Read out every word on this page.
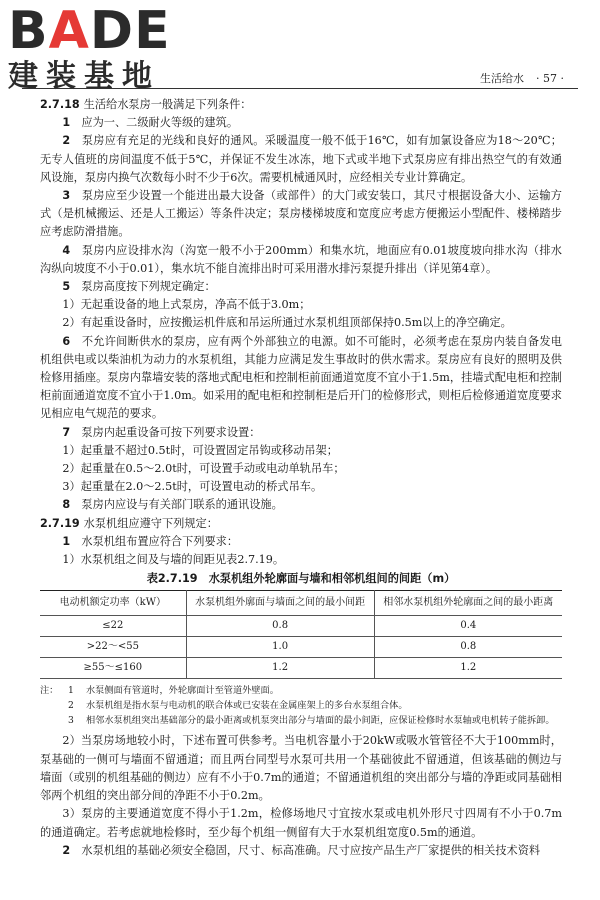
BADE
建装基地	生活给水 · 57 ·

2.7.18 生活给水泵房一般满足下列条件：

1　 应为一、二级耐火等级的建筑。

2　 泵房应有充足的光线和良好的通风。采暖温度一般不低于16℃，如有加氯设备应为18～20℃；无专人值班的房间温度不低于5℃，并保证不发生冰冻，地下式或半地下式泵房应有排出热空气的有效通风设施，泵房内换气次数每小时不少于6次。需要机械通风时，应经相关专业计算确定。

3　 泵房应至少设置一个能进出最大设备（或部件）的大门或安装口，其尺寸根据设备大小、运输方式（是机械搬运、还是人工搬运）等条件决定；泵房楼梯坡度和宽度应考虑方便搬运小型配件、楼梯踏步应考虑防滑措施。

4　 泵房内应设排水沟（沟宽一般不小于200mm）和集水坑，地面应有0.01坡度坡向排水沟（排水沟纵向坡度不小于0.01），集水坑不能自流排出时可采用潜水排污泵提升排出（详见第4章）。

5　 泵房高度按下列规定确定：

1）无起重设备的地上式泵房，净高不低于3.0m；

2）有起重设备时，应按搬运机件底和吊运所通过水泵机组顶部保持0.5m以上的净空确定。

6　 不允许间断供水的泵房，应有两个外部独立的电源。如不可能时，必须考虑在泵房内装自备发电机组供电或以柴油机为动力的水泵机组，其能力应满足发生事故时的供水需求。泵房应有良好的照明及供检修用插座。泵房内靠墙安装的落地式配电柜和控制柜前面通道宽度不宜小于1.5m，挂墙式配电柜和控制柜前面通道宽度不宜小于1.0m。如采用的配电柜和控制柜是后开门的检修形式，则柜后检修通道宽度要求见相应电气规范的要求。

7　 泵房内起重设备可按下列要求设置：

1）起重量不超过0.5t时，可设置固定吊钩或移动吊架；

2）起重量在0.5～2.0t时，可设置手动或电动单轨吊车；

3）起重量在2.0～2.5t时，可设置电动的桥式吊车。

8　 泵房内应设与有关部门联系的通讯设施。

2.7.19 水泵机组应遵守下列规定：

1　 水泵机组布置应符合下列要求：

1）水泵机组之间及与墙的间距见表2.7.19。

表2.7.19　水泵机组外轮廓面与墙和相邻机组间的间距（m）
电动机额定功率（kW）	水泵机组外廓面与墙面之间的最小间距	相邻水泵机组外轮廓面之间的最小距离
≤22	0.8	0.4
>22～<55	1.0	0.8
≥55～≤160	1.2	1.2
注：	1	水泵侧面有管道时，外轮廓面计至管道外壁面。
2	水泵机组是指水泵与电动机的联合体或已安装在金属座架上的多台水泵组合体。
3	相邻水泵机组突出基础部分的最小距离或机泵突出部分与墙面的最小间距，应保证检修时水泵轴或电机转子能拆卸。

2）当泵房场地较小时，下述布置可供参考。当电机容量小于20kW或吸水管管径不大于100mm时，泵基础的一侧可与墙面不留通道；而且两台同型号水泵可共用一个基础彼此不留通道，但该基础的侧边与墙面（或别的机组基础的侧边）应有不小于0.7m的通道；不留通道机组的突出部分与墙的净距或同基础相邻两个机组的突出部分间的净距不小于0.2m。

3）泵房的主要通道宽度不得小于1.2m，检修场地尺寸宜按水泵或电机外形尺寸四周有不小于0.7m的通道确定。若考虑就地检修时，至少每个机组一侧留有大于水泵机组宽度0.5m的通道。

2　 水泵机组的基础必须安全稳固，尺寸、标高准确。尺寸应按产品生产厂家提供的相关技术资料
